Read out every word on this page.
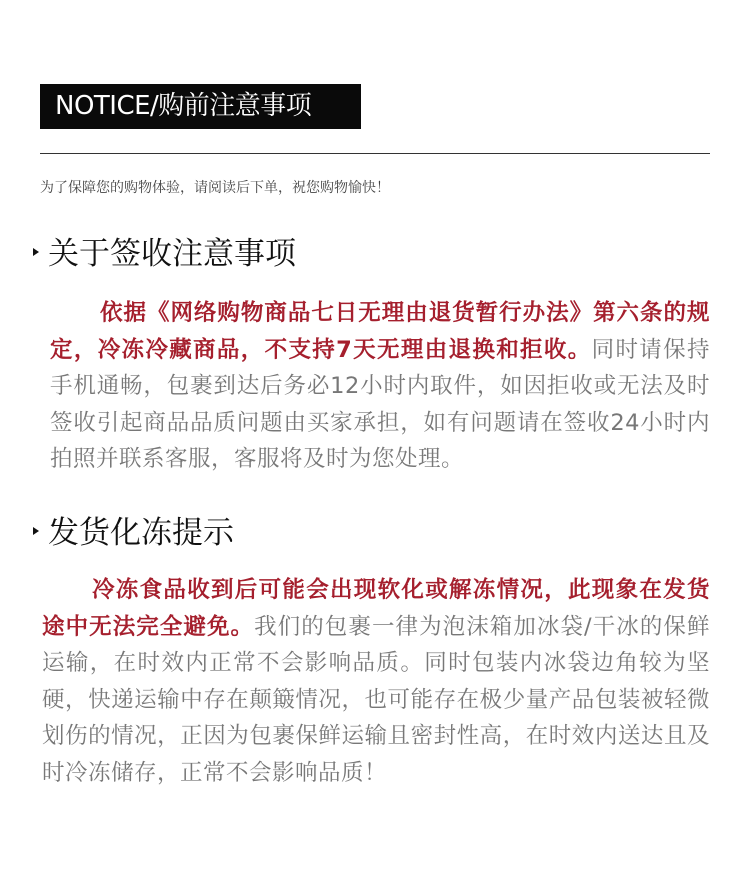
NOTICE/购前注意事项
为了保障您的购物体验，请阅读后下单，祝您购物愉快！
关于签收注意事项
依据《网络购物商品七日无理由退货暂行办法》第六条的规定，冷冻冷藏商品，不支持7天无理由退换和拒收。同时请保持手机通畅，包裹到达后务必12小时内取件，如因拒收或无法及时签收引起商品品质问题由买家承担，如有问题请在签收24小时内拍照并联系客服，客服将及时为您处理。
发货化冻提示
冷冻食品收到后可能会出现软化或解冻情况，此现象在发货途中无法完全避免。我们的包裹一律为泡沫箱加冰袋/干冰的保鲜运输，在时效内正常不会影响品质。同时包装内冰袋边角较为坚硬，快递运输中存在颠簸情况，也可能存在极少量产品包装被轻微划伤的情况，正因为包裹保鲜运输且密封性高，在时效内送达且及时冷冻储存，正常不会影响品质！
